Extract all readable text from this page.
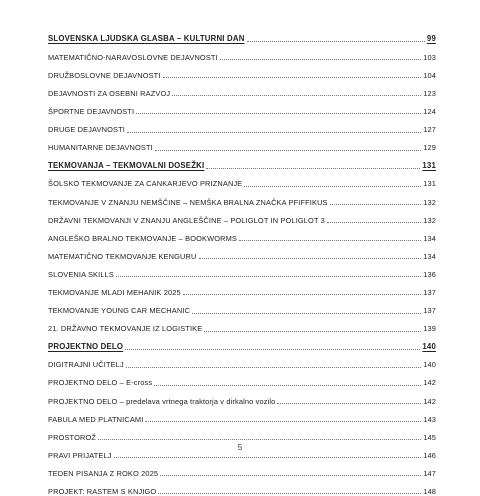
SLOVENSKA LJUDSKA GLASBA – KULTURNI DAN	99
MATEMATIČNO-NARAVOSLOVNE DEJAVNOSTI	103
DRUŽBOSLOVNE DEJAVNOSTI	104
DEJAVNOSTI ZA OSEBNI RAZVOJ	123
ŠPORTNE DEJAVNOSTI	124
DRUGE DEJAVNOSTI	127
HUMANITARNE DEJAVNOSTI	129
TEKMOVANJA – TEKMOVALNI DOSEŽKI	131
ŠOLSKO TEKMOVANJE ZA CANKARJEVO PRIZNANJE	131
TEKMOVANJE V ZNANJU NEMŠČINE – NEMŠKA BRALNA ZNAČKA PFIFFIKUS	132
DRŽAVNI TEKMOVANJI V ZNANJU ANGLEŠČINE – POLIGLOT IN POLIGLOT 3	132
ANGLEŠKO BRALNO TEKMOVANJE – BOOKWORMS	134
MATEMATIČNO TEKMOVANJE KENGURU	134
SLOVENIA SKILLS	136
TEKMOVANJE MLADI MEHANIK 2025	137
TEKMOVANJE YOUNG CAR MECHANIC	137
21. DRŽAVNO TEKMOVANJE IZ LOGISTIKE	139
PROJEKTNO DELO	140
DIGITRAJNI UČITELJ	140
PROJEKTNO DELO – E-cross	142
PROJEKTNO DELO – predelava vrtnega traktorja v dirkalno vozilo	142
FABULA MED PLATNICAMI	143
PROSTOROŽ	145
PRAVI PRIJATELJ	146
TEDEN PISANJA Z ROKO 2025	147
PROJEKT: RASTEM S KNJIGO	148
5
